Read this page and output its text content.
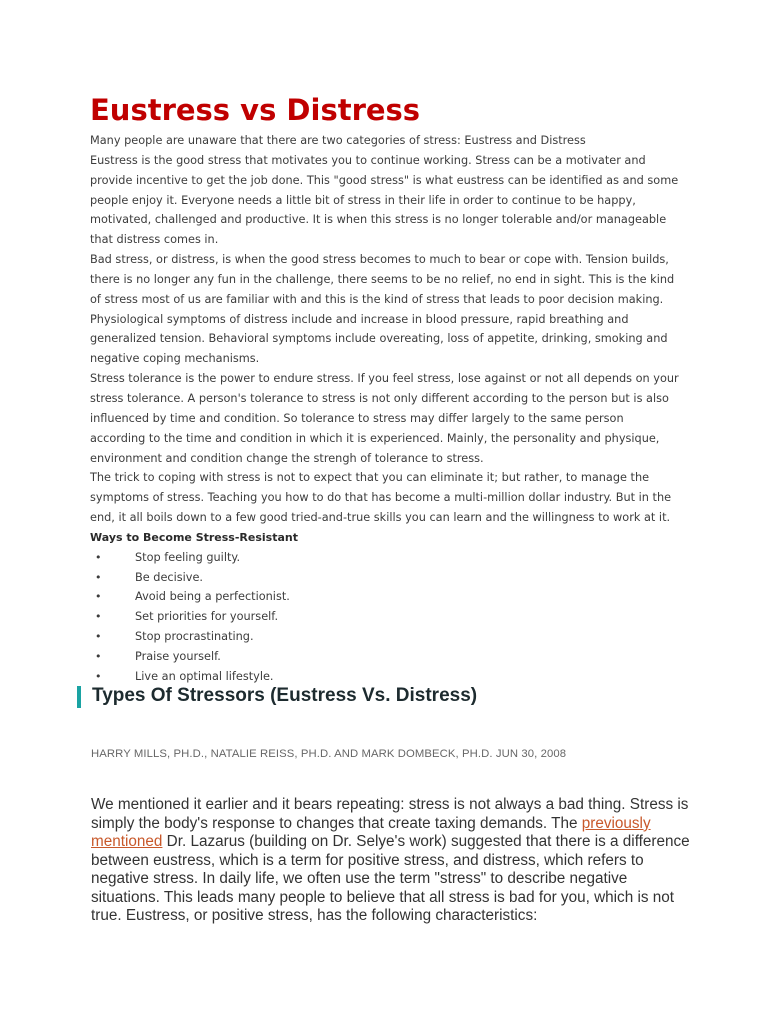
Eustress vs Distress

Many people are unaware that there are two categories of stress: Eustress and Distress

Eustress is the good stress that motivates you to continue working. Stress can be a motivater and provide incentive to get the job done. This "good stress" is what eustress can be identified as and some people enjoy it. Everyone needs a little bit of stress in their life in order to continue to be happy, motivated, challenged and productive. It is when this stress is no longer tolerable and/or manageable that distress comes in.

Bad stress, or distress, is when the good stress becomes to much to bear or cope with. Tension builds, there is no longer any fun in the challenge, there seems to be no relief, no end in sight. This is the kind of stress most of us are familiar with and this is the kind of stress that leads to poor decision making. Physiological symptoms of distress include and increase in blood pressure, rapid breathing and generalized tension. Behavioral symptoms include overeating, loss of appetite, drinking, smoking and negative coping mechanisms.

Stress tolerance is the power to endure stress. If you feel stress, lose against or not all depends on your stress tolerance. A person's tolerance to stress is not only different according to the person but is also influenced by time and condition. So tolerance to stress may differ largely to the same person according to the time and condition in which it is experienced. Mainly, the personality and physique, environment and condition change the strengh of tolerance to stress.

The trick to coping with stress is not to expect that you can eliminate it; but rather, to manage the symptoms of stress. Teaching you how to do that has become a multi-million dollar industry. But in the end, it all boils down to a few good tried-and-true skills you can learn and the willingness to work at it.

Ways to Become Stress-Resistant

•	Stop feeling guilty.
•	Be decisive.
•	Avoid being a perfectionist.
•	Set priorities for yourself.
•	Stop procrastinating.
•	Praise yourself.
•	Live an optimal lifestyle.
Types Of Stressors (Eustress Vs. Distress)
HARRY MILLS, PH.D., NATALIE REISS, PH.D. AND MARK DOMBECK, PH.D. JUN 30, 2008

We mentioned it earlier and it bears repeating: stress is not always a bad thing. Stress is simply the body's response to changes that create taxing demands. The previously mentioned Dr. Lazarus (building on Dr. Selye's work) suggested that there is a difference between eustress, which is a term for positive stress, and distress, which refers to negative stress. In daily life, we often use the term "stress" to describe negative situations. This leads many people to believe that all stress is bad for you, which is not true. Eustress, or positive stress, has the following characteristics:
